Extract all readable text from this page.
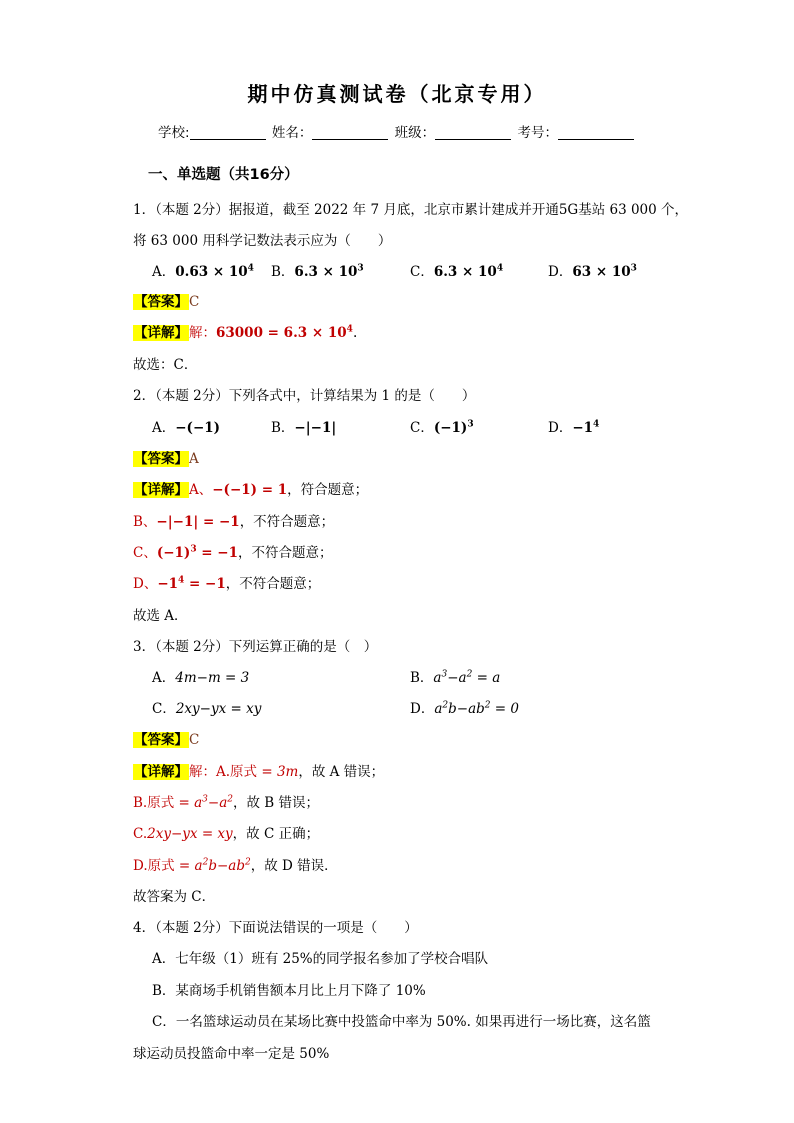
期中仿真测试卷（北京专用）
学校:	姓名：	班级：	考号：
一、单选题（共16分）
1．（本题 2分）据报道，截至 2022 年 7 月底，北京市累计建成并开通5G基站 63 000 个，
将 63 000 用科学记数法表示应为（　　）
A．$0.63 \times 10^4$ B．$6.3 \times 10^3$	C．$6.3 \times 10^4$	D．$63 \times 10^3$
【答案】C
【详解】解：$63000 = 6.3 \times 10^4$.
故选：C．
2．（本题 2分）下列各式中，计算结果为 1 的是（　　）
A．−(−1)	B．−|−1|	C．$(-1)^3$	D．$-1^4$
【答案】A
【详解】A、−(−1) = 1，符合题意；
B、−|−1| = −1，不符合题意；
C、$(-1)^3 = -1$，不符合题意；
D、$-1^4 = -1$，不符合题意；
故选 A．
3．（本题 2分）下列运算正确的是（　）
A．4m−m = 3	B．$a^3-a^2 = a$
C．2xy−yx = xy	D．$a^2b-ab^2 = 0$
【答案】C
【详解】解：A.原式 = 3m，故 A 错误；
B.原式 = $a^3-a^2$，故 B 错误；
C.2xy−yx = xy，故 C 正确；
D.原式 = $a^2b-ab^2$，故 D 错误．
故答案为 C．
4．（本题 2分）下面说法错误的一项是（　　）
A．七年级（1）班有 25%的同学报名参加了学校合唱队
B．某商场手机销售额本月比上月下降了 10%
C．一名篮球运动员在某场比赛中投篮命中率为 50%. 如果再进行一场比赛，这名篮
球运动员投篮命中率一定是 50%
